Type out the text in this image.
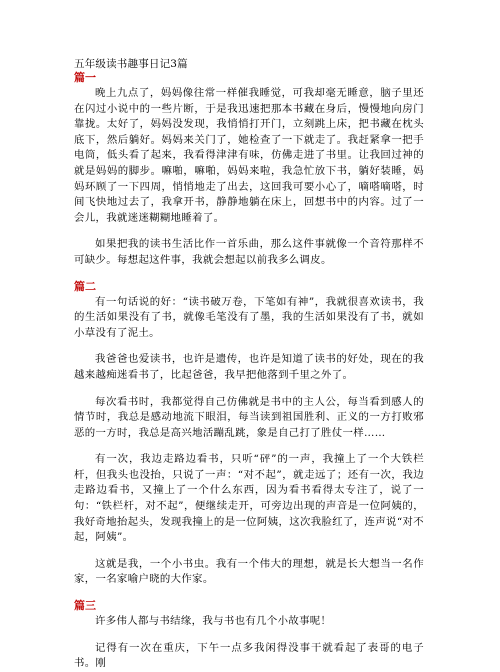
五年级读书趣事日记3篇

篇一

晚上九点了，妈妈像往常一样催我睡觉，可我却毫无睡意，脑子里还在闪过小说中的一些片断，于是我迅速把那本书藏在身后，慢慢地向房门靠拢。太好了，妈妈没发现，我悄悄打开门，立刻跳上床，把书藏在枕头底下，然后躺好。妈妈来关门了，她检查了一下就走了。我赶紧拿一把手电筒，低头看了起来，我看得津津有味，仿佛走进了书里。让我回过神的就是妈妈的脚步。嘛啪，嘛啪，妈妈来啦，我急忙放下书，躺好装睡，妈妈环顾了一下四周，悄悄地走了出去，这回我可要小心了，嘀嗒嘀嗒，时间飞快地过去了，我拿开书，静静地躺在床上，回想书中的内容。过了一会儿，我就迷迷糊糊地睡着了。

如果把我的读书生活比作一首乐曲，那么这件事就像一个音符那样不可缺少。每想起这件事，我就会想起以前我多么调皮。

篇二

有一句话说的好：“读书破万卷，下笔如有神”，我就很喜欢读书，我的生活如果没有了书，就像毛笔没有了墨，我的生活如果没有了书，就如小草没有了泥土。

我爸爸也爱读书，也许是遗传，也许是知道了读书的好处，现在的我越来越痴迷看书了，比起爸爸，我早把他落到千里之外了。

每次看书时，我都觉得自己仿佛就是书中的主人公，每当看到感人的情节时，我总是感动地流下眼泪，每当读到祖国胜利、正义的一方打败邪恶的一方时，我总是高兴地活蹦乱跳，象是自己打了胜仗一样……

有一次，我边走路边看书，只听“砰”的一声，我撞上了一个大铁栏杆，但我头也没抬，只说了一声：“对不起”，就走远了；还有一次，我边走路边看书，又撞上了一个什么东西，因为看书看得太专注了，说了一句：“铁栏杆，对不起”，便继续走开，可旁边出现的声音是一位阿姨的，我好奇地抬起头，发现我撞上的是一位阿姨，这次我脸红了，连声说“对不起，阿姨”。

这就是我，一个小书虫。我有一个伟大的理想，就是长大想当一名作家，一名家喻户晓的大作家。

篇三

许多伟人都与书结缘，我与书也有几个小故事呢！

记得有一次在重庆，下午一点多我闲得没事干就看起了表哥的电子书。刚
